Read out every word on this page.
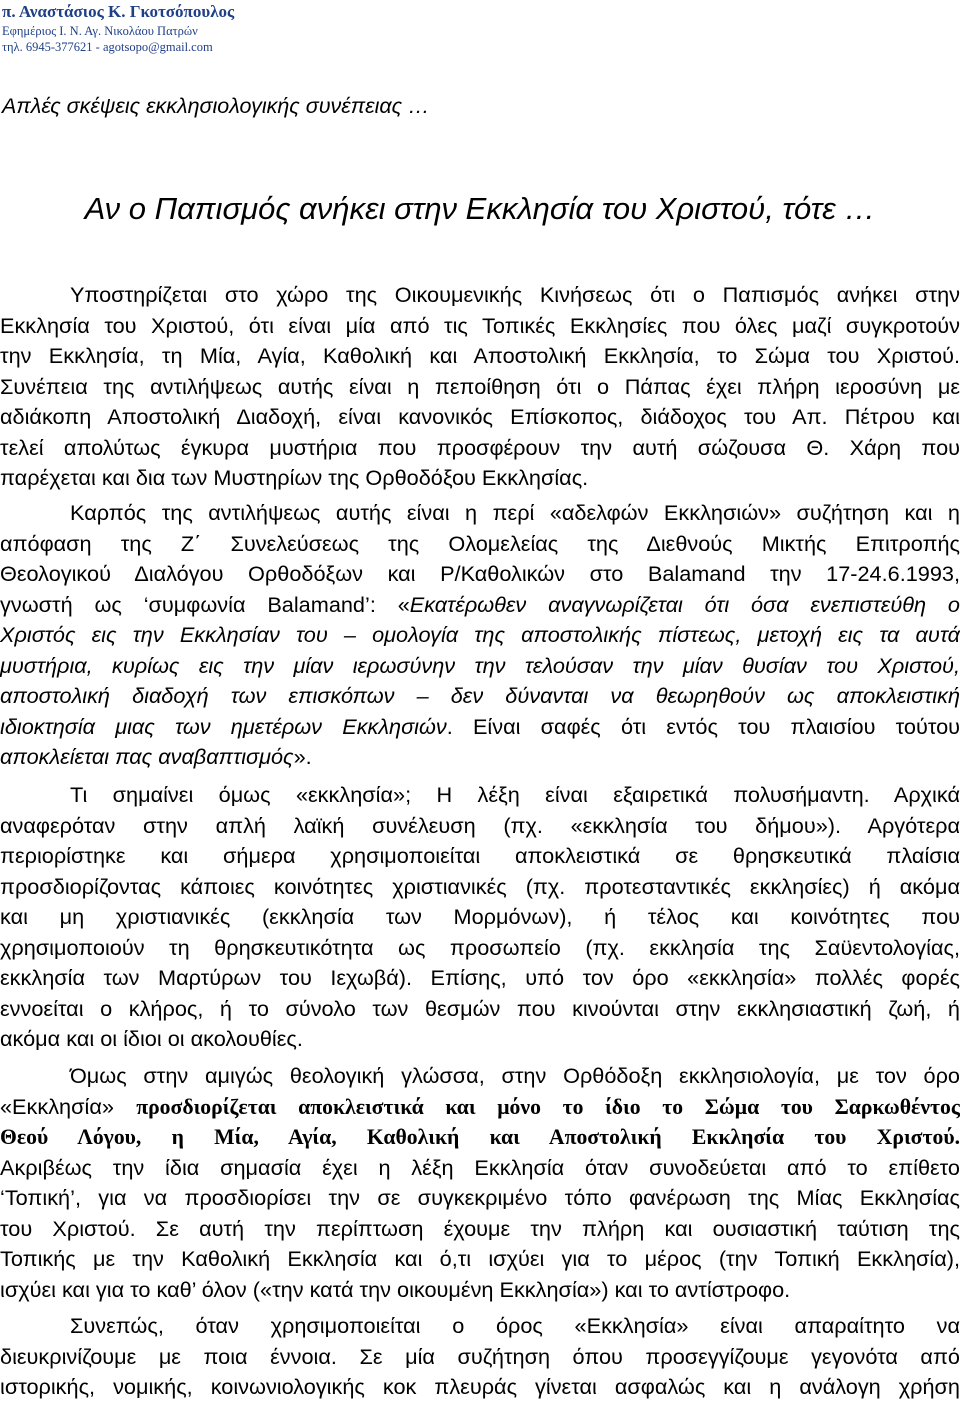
π. Αναστάσιος Κ. Γκοτσόπουλος
Εφημέριος Ι. Ν. Αγ. Νικολάου Πατρών
τηλ. 6945-377621 - agotsopo@gmail.com
Απλές σκέψεις εκκλησιολογικής συνέπειας …
Αν ο Παπισμός ανήκει στην Εκκλησία του Χριστού, τότε …
Υποστηρίζεται στο χώρο της Οικουμενικής Κινήσεως ότι ο Παπισμός ανήκει στην
Εκκλησία του Χριστού, ότι είναι μία από τις Τοπικές Εκκλησίες που όλες μαζί συγκροτούν
την Εκκλησία, τη Μία, Αγία, Καθολική και Αποστολική Εκκλησία, το Σώμα του Χριστού.
Συνέπεια της αντιλήψεως αυτής είναι η πεποίθηση ότι ο Πάπας έχει πλήρη ιεροσύνη με
αδιάκοπη Αποστολική Διαδοχή, είναι κανονικός Επίσκοπος, διάδοχος του Απ. Πέτρου και
τελεί απολύτως έγκυρα μυστήρια που προσφέρουν την αυτή σώζουσα Θ. Χάρη που
παρέχεται και δια των Μυστηρίων της Ορθοδόξου Εκκλησίας.
Καρπός της αντιλήψεως αυτής είναι η περί «αδελφών Εκκλησιών» συζήτηση και η
απόφαση της Ζ΄ Συνελεύσεως της Ολομελείας της Διεθνούς Μικτής Επιτροπής
Θεολογικού Διαλόγου Ορθοδόξων και Ρ/Καθολικών στο Balamand την 17-24.6.1993,
γνωστή ως ‘συμφωνία Balamand’: «Εκατέρωθεν αναγνωρίζεται ότι όσα ενεπιστεύθη ο
Χριστός εις την Εκκλησίαν του – ομολογία της αποστολικής πίστεως, μετοχή εις τα αυτά
μυστήρια, κυρίως εις την μίαν ιερωσύνην την τελούσαν την μίαν θυσίαν του Χριστού,
αποστολική διαδοχή των επισκόπων – δεν δύνανται να θεωρηθούν ως αποκλειστική
ιδιοκτησία μιας των ημετέρων Εκκλησιών. Είναι σαφές ότι εντός του πλαισίου τούτου
αποκλείεται πας αναβαπτισμός».
Τι σημαίνει όμως «εκκλησία»; Η λέξη είναι εξαιρετικά πολυσήμαντη. Αρχικά
αναφερόταν στην απλή λαϊκή συνέλευση (πχ. «εκκλησία του δήμου»). Αργότερα
περιορίστηκε και σήμερα χρησιμοποιείται αποκλειστικά σε θρησκευτικά πλαίσια
προσδιορίζοντας κάποιες κοινότητες χριστιανικές (πχ. προτεσταντικές εκκλησίες) ή ακόμα
και μη χριστιανικές (εκκλησία των Μορμόνων), ή τέλος και κοινότητες που
χρησιμοποιούν τη θρησκευτικότητα ως προσωπείο (πχ. εκκλησία της Σαϋεντολογίας,
εκκλησία των Μαρτύρων του Ιεχωβά). Επίσης, υπό τον όρο «εκκλησία» πολλές φορές
εννοείται ο κλήρος, ή το σύνολο των θεσμών που κινούνται στην εκκλησιαστική ζωή, ή
ακόμα και οι ίδιοι οι ακολουθίες.
Όμως στην αμιγώς θεολογική γλώσσα, στην Ορθόδοξη εκκλησιολογία, με τον όρο
«Εκκλησία» προσδιορίζεται αποκλειστικά και μόνο το ίδιο το Σώμα του Σαρκωθέντος
Θεού Λόγου, η Μία, Αγία, Καθολική και Αποστολική Εκκλησία του Χριστού.
Ακριβέως την ίδια σημασία έχει η λέξη Εκκλησία όταν συνοδεύεται από το επίθετο
‘Τοπική’, για να προσδιορίσει την σε συγκεκριμένο τόπο φανέρωση της Μίας Εκκλησίας
του Χριστού. Σε αυτή την περίπτωση έχουμε την πλήρη και ουσιαστική ταύτιση της
Τοπικής με την Καθολική Εκκλησία και ό,τι ισχύει για το μέρος (την Τοπική Εκκλησία),
ισχύει και για το καθ’ όλον («την κατά την οικουμένη Εκκλησία») και το αντίστροφο.
Συνεπώς, όταν χρησιμοποιείται ο όρος «Εκκλησία» είναι απαραίτητο να
διευκρινίζουμε με ποια έννοια. Σε μία συζήτηση όπου προσεγγίζουμε γεγονότα από
ιστορικής, νομικής, κοινωνιολογικής κοκ πλευράς γίνεται ασφαλώς και η ανάλογη χρήση
